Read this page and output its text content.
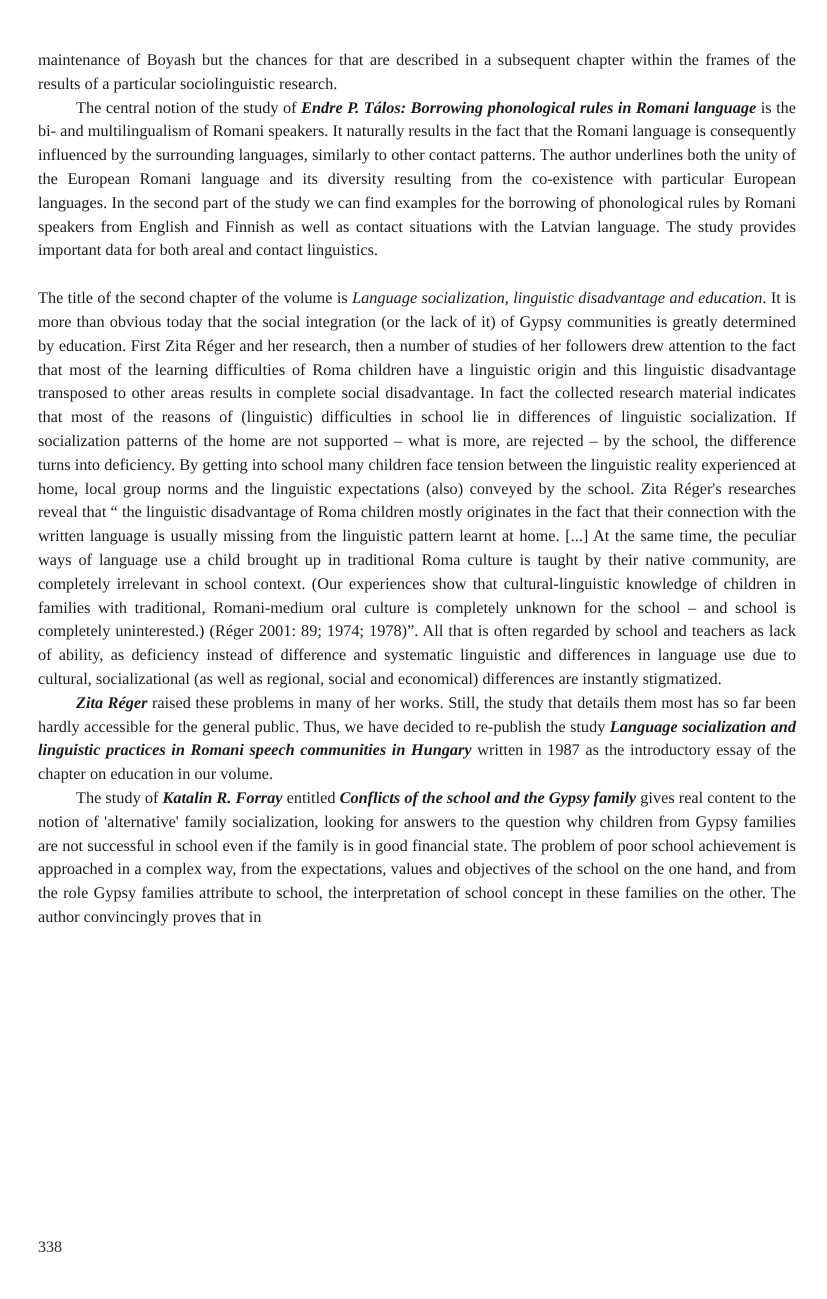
maintenance of Boyash but the chances for that are described in a subsequent chapter within the frames of the results of a particular sociolinguistic research.

The central notion of the study of Endre P. Tálos: Borrowing phonological rules in Romani language is the bi- and multilingualism of Romani speakers. It naturally results in the fact that the Romani language is consequently influenced by the surrounding languages, similarly to other contact patterns. The author underlines both the unity of the European Romani language and its diversity resulting from the co-existence with particular European languages. In the second part of the study we can find examples for the borrowing of phonological rules by Romani speakers from English and Finnish as well as contact situations with the Latvian language. The study provides important data for both areal and contact linguistics.

The title of the second chapter of the volume is Language socialization, linguistic disadvantage and education. It is more than obvious today that the social integration (or the lack of it) of Gypsy communities is greatly determined by education. First Zita Réger and her research, then a number of studies of her followers drew attention to the fact that most of the learning difficulties of Roma children have a linguistic origin and this linguistic disadvantage transposed to other areas results in complete social disadvantage. In fact the collected research material indicates that most of the reasons of (linguistic) difficulties in school lie in differences of linguistic socialization. If socialization patterns of the home are not supported – what is more, are rejected – by the school, the difference turns into deficiency. By getting into school many children face tension between the linguistic reality experienced at home, local group norms and the linguistic expectations (also) conveyed by the school. Zita Réger's researches reveal that “ the linguistic disadvantage of Roma children mostly originates in the fact that their connection with the written language is usually missing from the linguistic pattern learnt at home. [...] At the same time, the peculiar ways of language use a child brought up in traditional Roma culture is taught by their native community, are completely irrelevant in school context. (Our experiences show that cultural-linguistic knowledge of children in families with traditional, Romani-medium oral culture is completely unknown for the school – and school is completely uninterested.) (Réger 2001: 89; 1974; 1978)”. All that is often regarded by school and teachers as lack of ability, as deficiency instead of difference and systematic linguistic and differences in language use due to cultural, socializational (as well as regional, social and economical) differences are instantly stigmatized.

Zita Réger raised these problems in many of her works. Still, the study that details them most has so far been hardly accessible for the general public. Thus, we have decided to re-publish the study Language socialization and linguistic practices in Romani speech communities in Hungary written in 1987 as the introductory essay of the chapter on education in our volume.

The study of Katalin R. Forray entitled Conflicts of the school and the Gypsy family gives real content to the notion of 'alternative' family socialization, looking for answers to the question why children from Gypsy families are not successful in school even if the family is in good financial state. The problem of poor school achievement is approached in a complex way, from the expectations, values and objectives of the school on the one hand, and from the role Gypsy families attribute to school, the interpretation of school concept in these families on the other. The author convincingly proves that in

338
